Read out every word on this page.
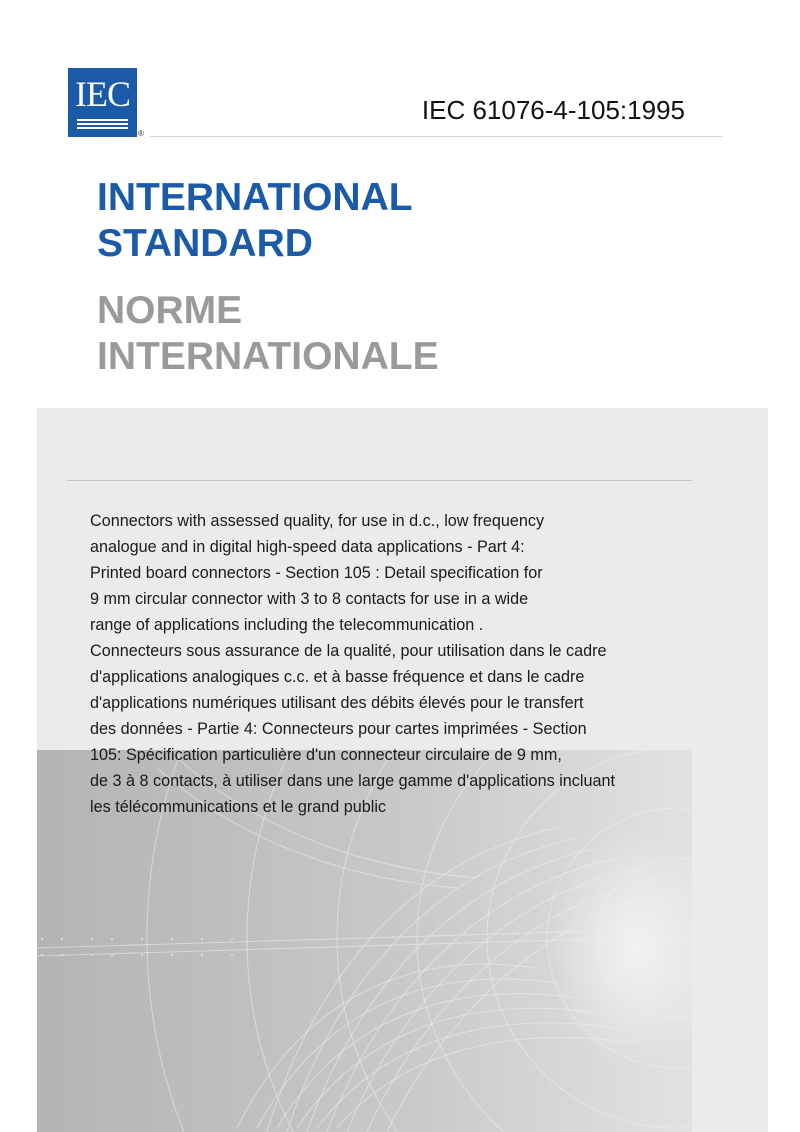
IEC
®
IEC 61076-4-105:1995
INTERNATIONAL
STANDARD
NORME
INTERNATIONALE
Connectors with assessed quality, for use in d.c., low frequency
analogue and in digital high-speed data applications - Part 4:
Printed board connectors - Section 105 : Detail specification for
9 mm circular connector with 3 to 8 contacts for use in a wide
range of applications including the telecommunication .
Connecteurs sous assurance de la qualité, pour utilisation dans le cadre
d'applications analogiques c.c. et à basse fréquence et dans le cadre
d'applications numériques utilisant des débits élevés pour le transfert
des données - Partie 4: Connecteurs pour cartes imprimées - Section
105: Spécification particulière d'un connecteur circulaire de 9 mm,
de 3 à 8 contacts, à utiliser dans une large gamme d'applications incluant
les télécommunications et le grand public
